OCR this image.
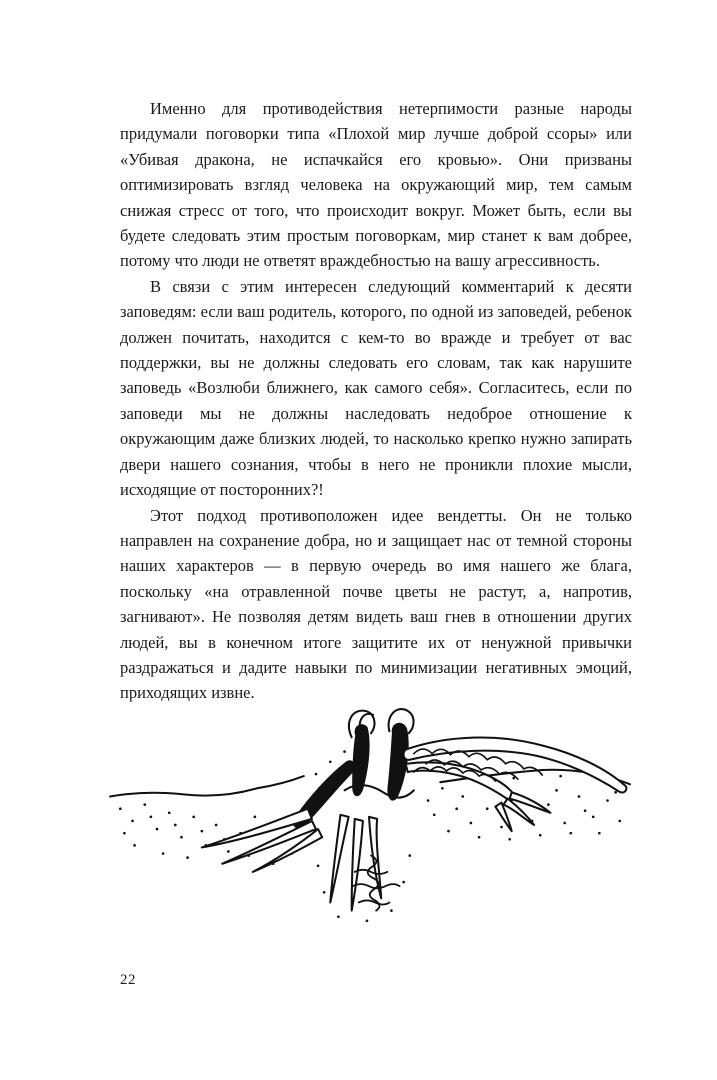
Именно для противодействия нетерпимости разные народы придумали поговорки типа «Плохой мир лучше доброй ссоры» или «Убивая дракона, не испачкайся его кровью». Они призваны оптимизировать взгляд человека на окружающий мир, тем самым снижая стресс от того, что происходит вокруг. Может быть, если вы будете следовать этим простым поговоркам, мир станет к вам добрее, потому что люди не ответят враждебностью на вашу агрессивность.

В связи с этим интересен следующий комментарий к десяти заповедям: если ваш родитель, которого, по одной из заповедей, ребенок должен почитать, находится с кем-то во вражде и требует от вас поддержки, вы не должны следовать его словам, так как нарушите заповедь «Возлюби ближнего, как самого себя». Согласитесь, если по заповеди мы не должны наследовать недоброе отношение к окружающим даже близких людей, то насколько крепко нужно запирать двери нашего сознания, чтобы в него не проникли плохие мысли, исходящие от посторонних?!

Этот подход противоположен идее вендетты. Он не только направлен на сохранение добра, но и защищает нас от темной стороны наших характеров — в первую очередь во имя нашего же блага, поскольку «на отравленной почве цветы не растут, а, напротив, загнивают». Не позволяя детям видеть ваш гнев в отношении других людей, вы в конечном итоге защитите их от ненужной привычки раздражаться и дадите навыки по минимизации негативных эмоций, приходящих извне.

22
